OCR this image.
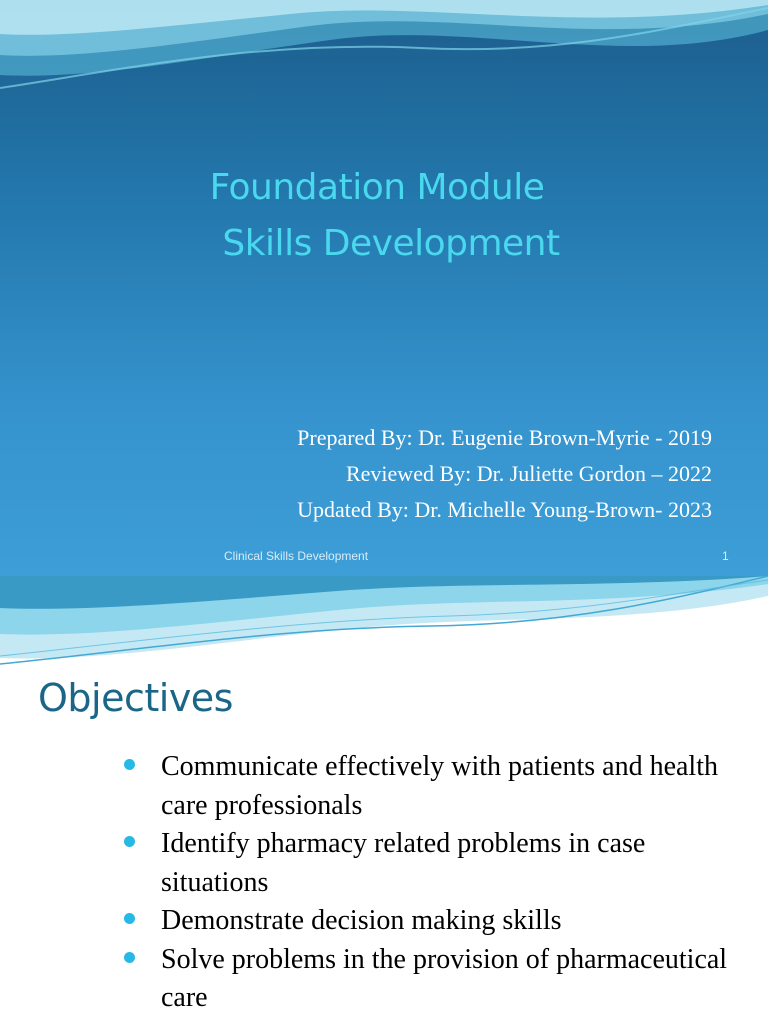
Foundation Module
Skills Development
Prepared By: Dr. Eugenie Brown-Myrie - 2019
Reviewed By: Dr. Juliette Gordon – 2022
Updated By: Dr. Michelle Young-Brown- 2023
Clinical Skills Development	1
Objectives
Communicate effectively with patients and health care professionals
Identify pharmacy related problems in case situations
Demonstrate decision making skills
Solve problems in the provision of pharmaceutical care
